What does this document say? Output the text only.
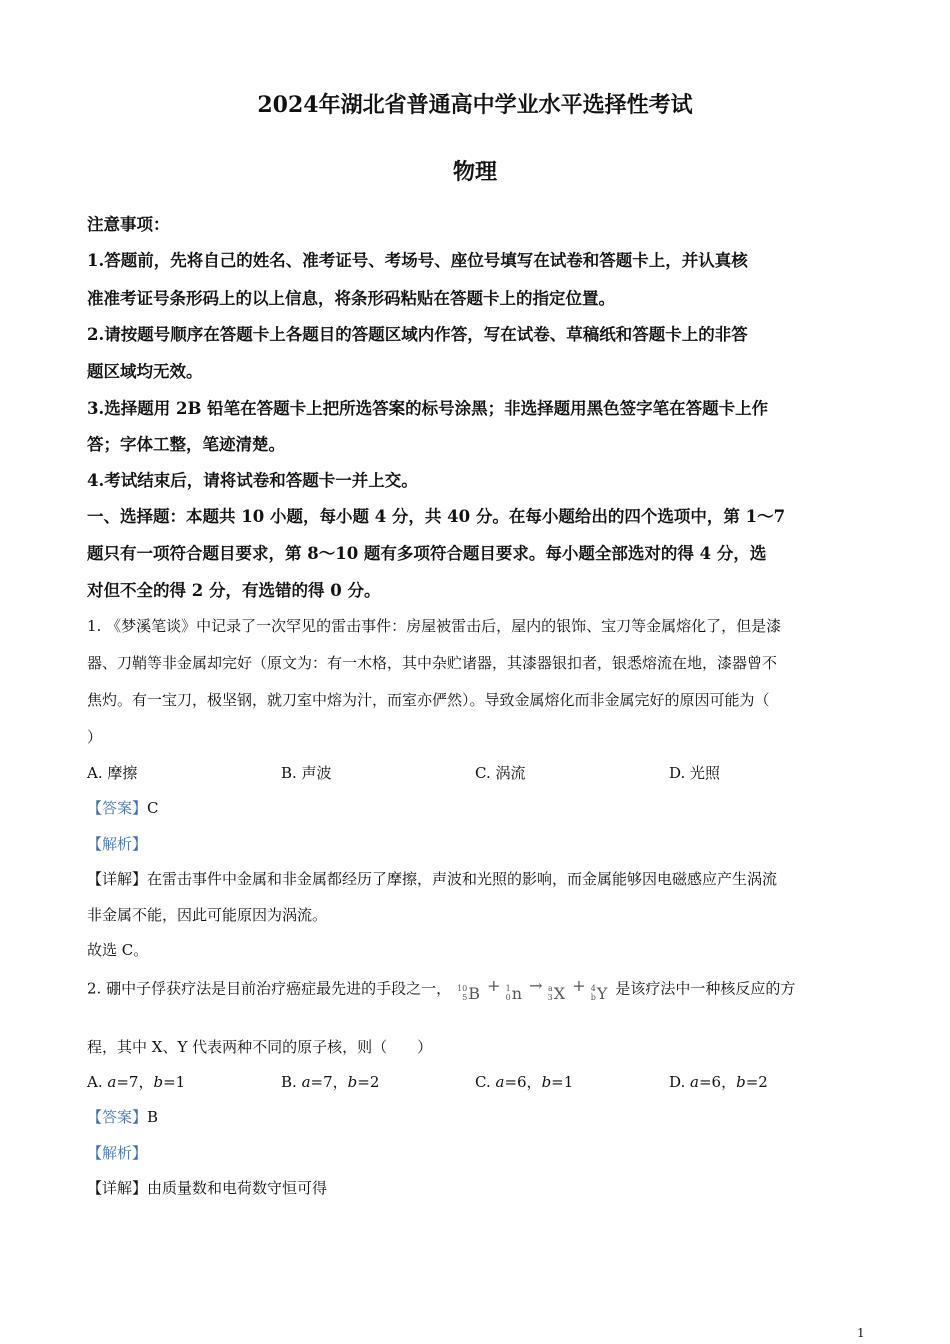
2024年湖北省普通高中学业水平选择性考试
物理
注意事项：
1.答题前，先将自己的姓名、准考证号、考场号、座位号填写在试卷和答题卡上，并认真核
准准考证号条形码上的以上信息，将条形码粘贴在答题卡上的指定位置。
2.请按题号顺序在答题卡上各题目的答题区域内作答，写在试卷、草稿纸和答题卡上的非答
题区域均无效。
3.选择题用 2B 铅笔在答题卡上把所选答案的标号涂黑；非选择题用黑色签字笔在答题卡上作
答；字体工整，笔迹清楚。
4.考试结束后，请将试卷和答题卡一并上交。
一、选择题：本题共 10 小题，每小题 4 分，共 40 分。在每小题给出的四个选项中，第 1～7
题只有一项符合题目要求，第 8～10 题有多项符合题目要求。每小题全部选对的得 4 分，选
对但不全的得 2 分，有选错的得 0 分。
1. 《梦溪笔谈》中记录了一次罕见的雷击事件：房屋被雷击后，屋内的银饰、宝刀等金属熔化了，但是漆
器、刀鞘等非金属却完好（原文为：有一木格，其中杂贮诸器，其漆器银扣者，银悉熔流在地，漆器曾不
焦灼。有一宝刀，极坚钢，就刀室中熔为汁，而室亦俨然）。导致金属熔化而非金属完好的原因可能为（
）
A. 摩擦	B. 声波	C. 涡流	D. 光照
【答案】C
【解析】
【详解】在雷击事件中金属和非金属都经历了摩擦，声波和光照的影响，而金属能够因电磁感应产生涡流
非金属不能，因此可能原因为涡流。
故选 C。
2. 硼中子俘获疗法是目前治疗癌症最先进的手段之一， 10
5 B + 1
0 n → a
3 X + 4
b Y 是该疗法中一种核反应的方
程，其中 X、Y 代表两种不同的原子核，则（　　）
A. a=7，b=1	B. a=7，b=2	C. a=6，b=1	D. a=6，b=2
【答案】B
【解析】
【详解】由质量数和电荷数守恒可得
1
